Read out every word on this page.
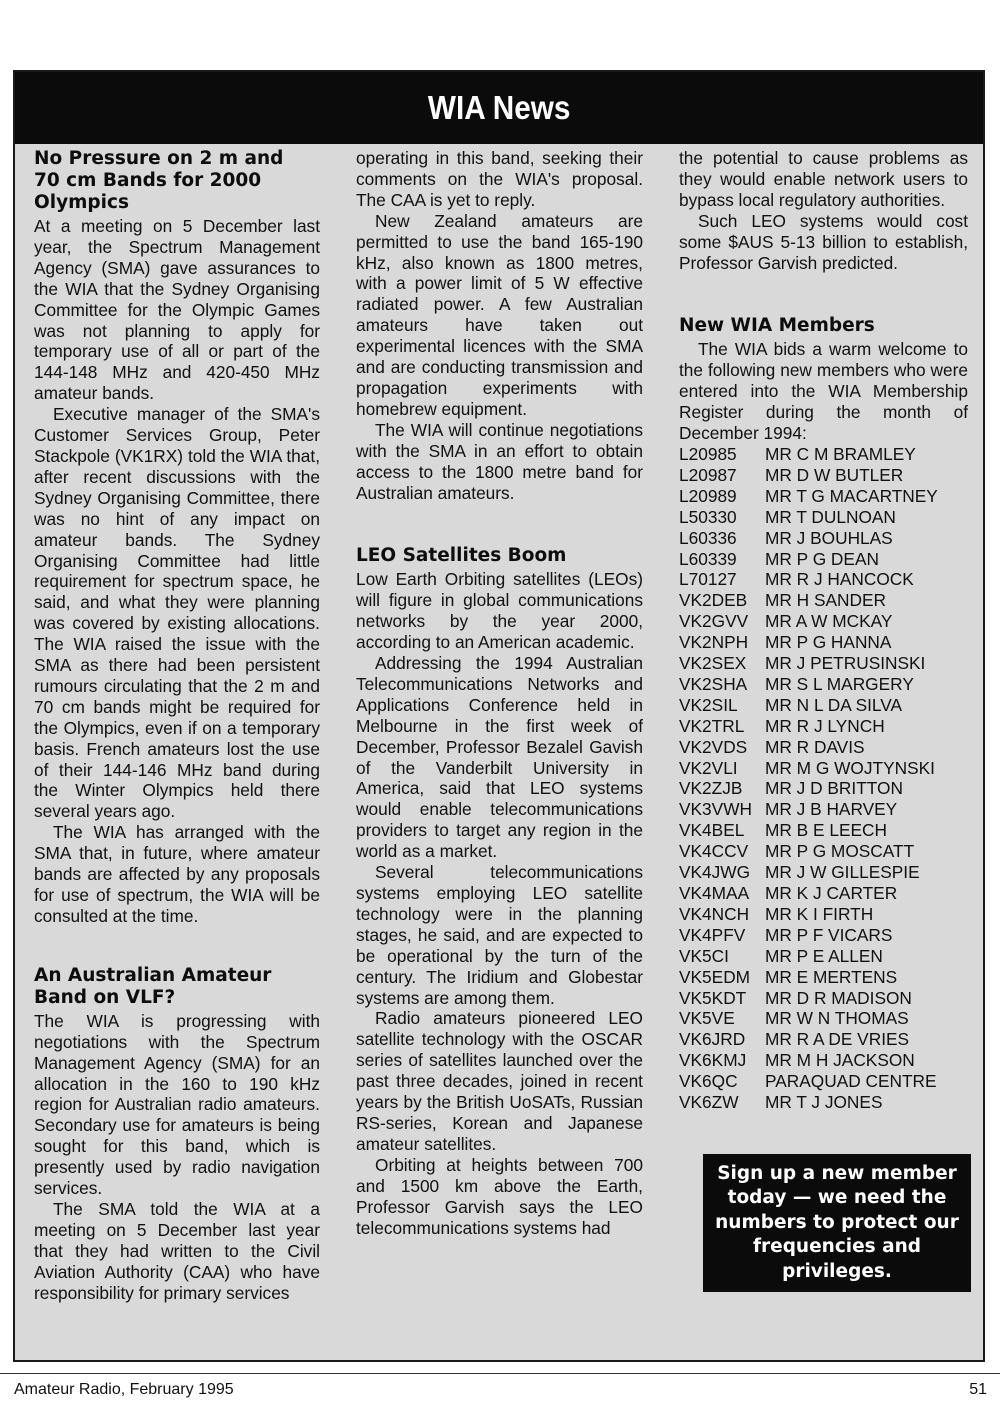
WIA News
No Pressure on 2 m and
70 cm Bands for 2000
Olympics

At a meeting on 5 December last year, the Spectrum Management Agency (SMA) gave assurances to the WIA that the Sydney Organising Committee for the Olympic Games was not planning to apply for temporary use of all or part of the 144-148 MHz and 420-450 MHz amateur bands.

Executive manager of the SMA's Customer Services Group, Peter Stackpole (VK1RX) told the WIA that, after recent discussions with the Sydney Organising Committee, there was no hint of any impact on amateur bands. The Sydney Organising Committee had little requirement for spectrum space, he said, and what they were planning was covered by existing allocations. The WIA raised the issue with the SMA as there had been persistent rumours circulating that the 2 m and 70 cm bands might be required for the Olympics, even if on a temporary basis. French amateurs lost the use of their 144-146 MHz band during the Winter Olympics held there several years ago.

The WIA has arranged with the SMA that, in future, where amateur bands are affected by any proposals for use of spectrum, the WIA will be consulted at the time.

An Australian Amateur
Band on VLF?

The WIA is progressing with negotiations with the Spectrum Management Agency (SMA) for an allocation in the 160 to 190 kHz region for Australian radio amateurs. Secondary use for amateurs is being sought for this band, which is presently used by radio navigation services.

The SMA told the WIA at a meeting on 5 December last year that they had written to the Civil Aviation Authority (CAA) who have responsibility for primary services

operating in this band, seeking their comments on the WIA's proposal. The CAA is yet to reply.

New Zealand amateurs are permitted to use the band 165-190 kHz, also known as 1800 metres, with a power limit of 5 W effective radiated power. A few Australian amateurs have taken out experimental licences with the SMA and are conducting transmission and propagation experiments with homebrew equipment.

The WIA will continue negotiations with the SMA in an effort to obtain access to the 1800 metre band for Australian amateurs.

LEO Satellites Boom

Low Earth Orbiting satellites (LEOs) will figure in global communications networks by the year 2000, according to an American academic.

Addressing the 1994 Australian Telecommunications Networks and Applications Conference held in Melbourne in the first week of December, Professor Bezalel Gavish of the Vanderbilt University in America, said that LEO systems would enable telecommunications providers to target any region in the world as a market.

Several telecommunications systems employing LEO satellite technology were in the planning stages, he said, and are expected to be operational by the turn of the century. The Iridium and Globestar systems are among them.

Radio amateurs pioneered LEO satellite technology with the OSCAR series of satellites launched over the past three decades, joined in recent years by the British UoSATs, Russian RS-series, Korean and Japanese amateur satellites.

Orbiting at heights between 700 and 1500 km above the Earth, Professor Garvish says the LEO telecommunications systems had

the potential to cause problems as they would enable network users to bypass local regulatory authorities.

Such LEO systems would cost some $AUS 5-13 billion to establish, Professor Garvish predicted.

New WIA Members

The WIA bids a warm welcome to the following new members who were entered into the WIA Membership Register during the month of December 1994:

L20985	MR C M BRAMLEY
L20987	MR D W BUTLER
L20989	MR T G MACARTNEY
L50330	MR T DULNOAN
L60336	MR J BOUHLAS
L60339	MR P G DEAN
L70127	MR R J HANCOCK
VK2DEB	MR H SANDER
VK2GVV MR A W MCKAY
VK2NPH MR P G HANNA
VK2SEX	MR J PETRUSINSKI
VK2SHA	MR S L MARGERY
VK2SIL	MR N L DA SILVA
VK2TRL	MR R J LYNCH
VK2VDS	MR R DAVIS
VK2VLI	MR M G WOJTYNSKI
VK2ZJB	MR J D BRITTON
VK3VWH MR J B HARVEY
VK4BEL	MR B E LEECH
VK4CCV MR P G MOSCATT
VK4JWG MR J W GILLESPIE
VK4MAA MR K J CARTER
VK4NCH MR K I FIRTH
VK4PFV	MR P F VICARS
VK5CI	MR P E ALLEN
VK5EDM MR E MERTENS
VK5KDT	MR D R MADISON
VK5VE	MR W N THOMAS
VK6JRD	MR R A DE VRIES
VK6KMJ	MR M H JACKSON
VK6QC	PARAQUAD CENTRE
VK6ZW	MR T J JONES
Sign up a new member today — we need the numbers to protect our frequencies and privileges.
Amateur Radio, February 1995	51
